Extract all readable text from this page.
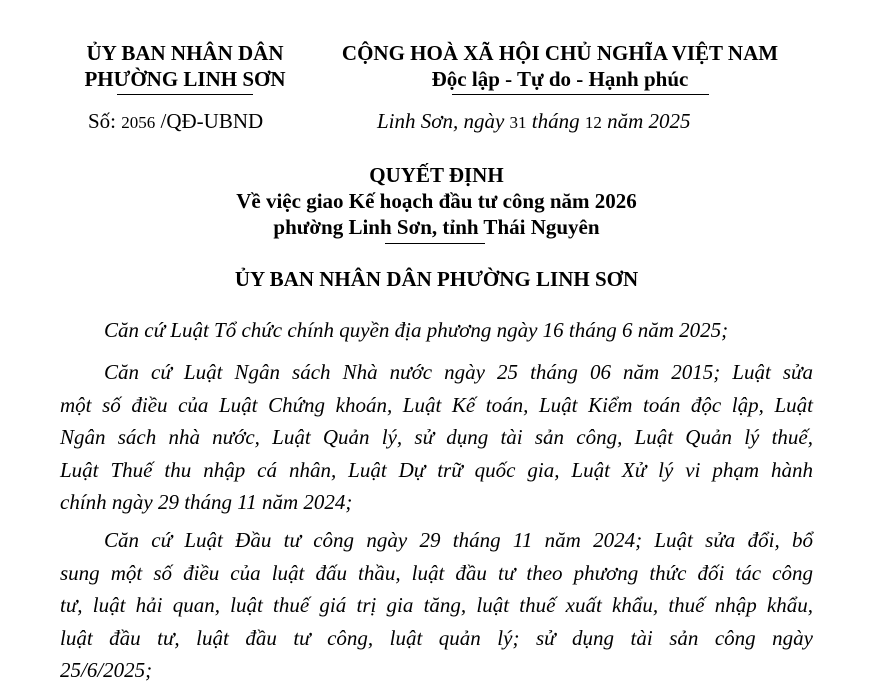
ỦY BAN NHÂN DÂN
PHƯỜNG LINH SƠN
CỘNG HOÀ XÃ HỘI CHỦ NGHĨA VIỆT NAM
Độc lập - Tự do - Hạnh phúc
Số: 2056 /QĐ-UBND	Linh Sơn, ngày 31 tháng 12 năm 2025
QUYẾT ĐỊNH
Về việc giao Kế hoạch đầu tư công năm 2026
phường Linh Sơn, tỉnh Thái Nguyên
ỦY BAN NHÂN DÂN PHƯỜNG LINH SƠN
Căn cứ Luật Tổ chức chính quyền địa phương ngày 16 tháng 6 năm 2025;
Căn cứ Luật Ngân sách Nhà nước ngày 25 tháng 06 năm 2015; Luật sửa
một số điều của Luật Chứng khoán, Luật Kế toán, Luật Kiểm toán độc lập, Luật
Ngân sách nhà nước, Luật Quản lý, sử dụng tài sản công, Luật Quản lý thuế,
Luật Thuế thu nhập cá nhân, Luật Dự trữ quốc gia, Luật Xử lý vi phạm hành
chính ngày 29 tháng 11 năm 2024;
Căn cứ Luật Đầu tư công ngày 29 tháng 11 năm 2024; Luật sửa đổi, bổ
sung một số điều của luật đấu thầu, luật đầu tư theo phương thức đối tác công
tư, luật hải quan, luật thuế giá trị gia tăng, luật thuế xuất khẩu, thuế nhập khẩu,
luật đầu tư, luật đầu tư công, luật quản lý; sử dụng tài sản công ngày
25/6/2025;
